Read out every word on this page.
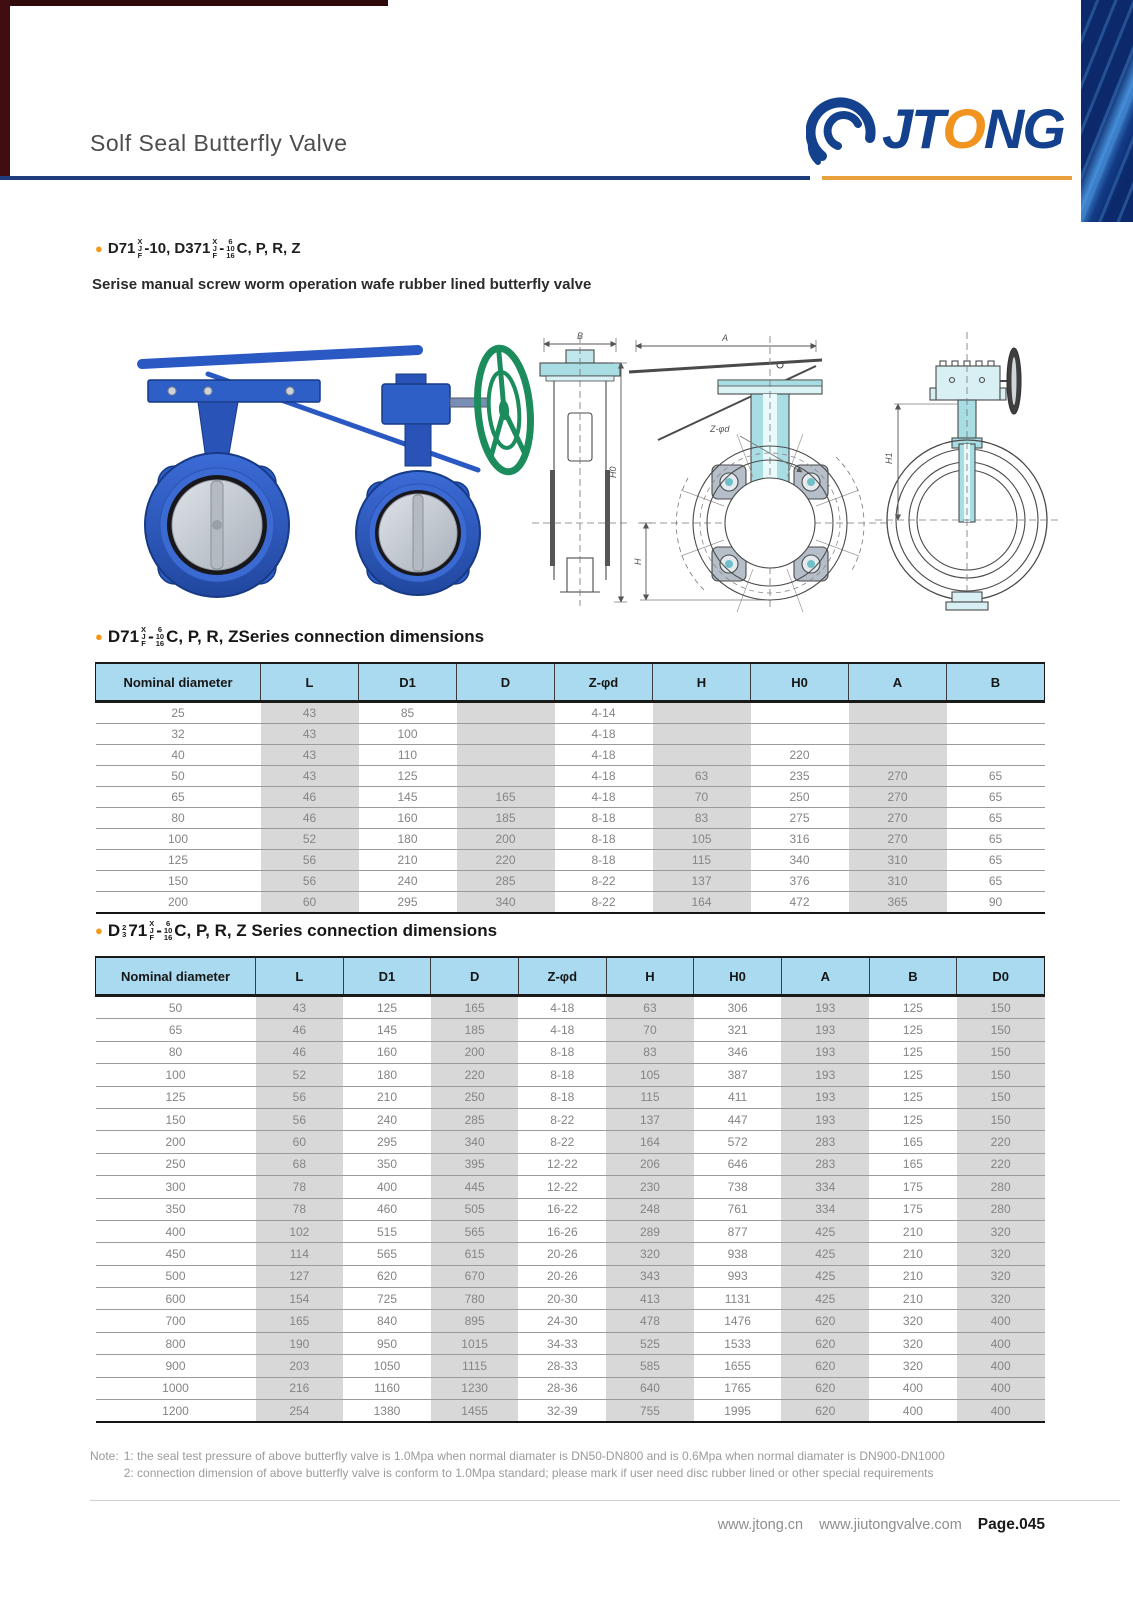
Solf Seal Butterfly Valve	JTONG
● D71 X
J
F -10, D371 X
J
F - 6
10
16 C, P, R, Z
Serise manual screw worm operation wafe rubber lined butterfly valve
B
H0
A
Z-φd
H
H1
● D71 X
J
F - 6
10
16 C, P, R, ZSeries connection dimensions
Nominal diameter	L	D1	D	Z-φd	H	H0	A	B
25	43	85		4-14				
32	43	100		4-18				
40	43	110		4-18		220		
50	43	125		4-18	63	235	270	65
65	46	145	165	4-18	70	250	270	65
80	46	160	185	8-18	83	275	270	65
100	52	180	200	8-18	105	316	270	65
125	56	210	220	8-18	115	340	310	65
150	56	240	285	8-22	137	376	310	65
200	60	295	340	8-22	164	472	365	90
● D 2
3 71 X
J
F - 6
10
16 C, P, R, Z Series connection dimensions
Nominal diameter	L	D1	D	Z-φd	H	H0	A	B	D0
50	43	125	165	4-18	63	306	193	125	150
65	46	145	185	4-18	70	321	193	125	150
80	46	160	200	8-18	83	346	193	125	150
100	52	180	220	8-18	105	387	193	125	150
125	56	210	250	8-18	115	411	193	125	150
150	56	240	285	8-22	137	447	193	125	150
200	60	295	340	8-22	164	572	283	165	220
250	68	350	395	12-22	206	646	283	165	220
300	78	400	445	12-22	230	738	334	175	280
350	78	460	505	16-22	248	761	334	175	280
400	102	515	565	16-26	289	877	425	210	320
450	114	565	615	20-26	320	938	425	210	320
500	127	620	670	20-26	343	993	425	210	320
600	154	725	780	20-30	413	1131	425	210	320
700	165	840	895	24-30	478	1476	620	320	400
800	190	950	1015	34-33	525	1533	620	320	400
900	203	1050	1115	28-33	585	1655	620	320	400
1000	216	1160	1230	28-36	640	1765	620	400	400
1200	254	1380	1455	32-39	755	1995	620	400	400
Note: 1: the seal test pressure of above butterfly valve is 1.0Mpa when normal diamater is DN50-DN800 and is 0.6Mpa when normal diamater is DN900-DN1000
2: connection dimension of above butterfly valve is conform to 1.0Mpa standard; please mark if user need disc rubber lined or other special requirements
www.jtong.cn www.jiutongvalve.com Page.045
